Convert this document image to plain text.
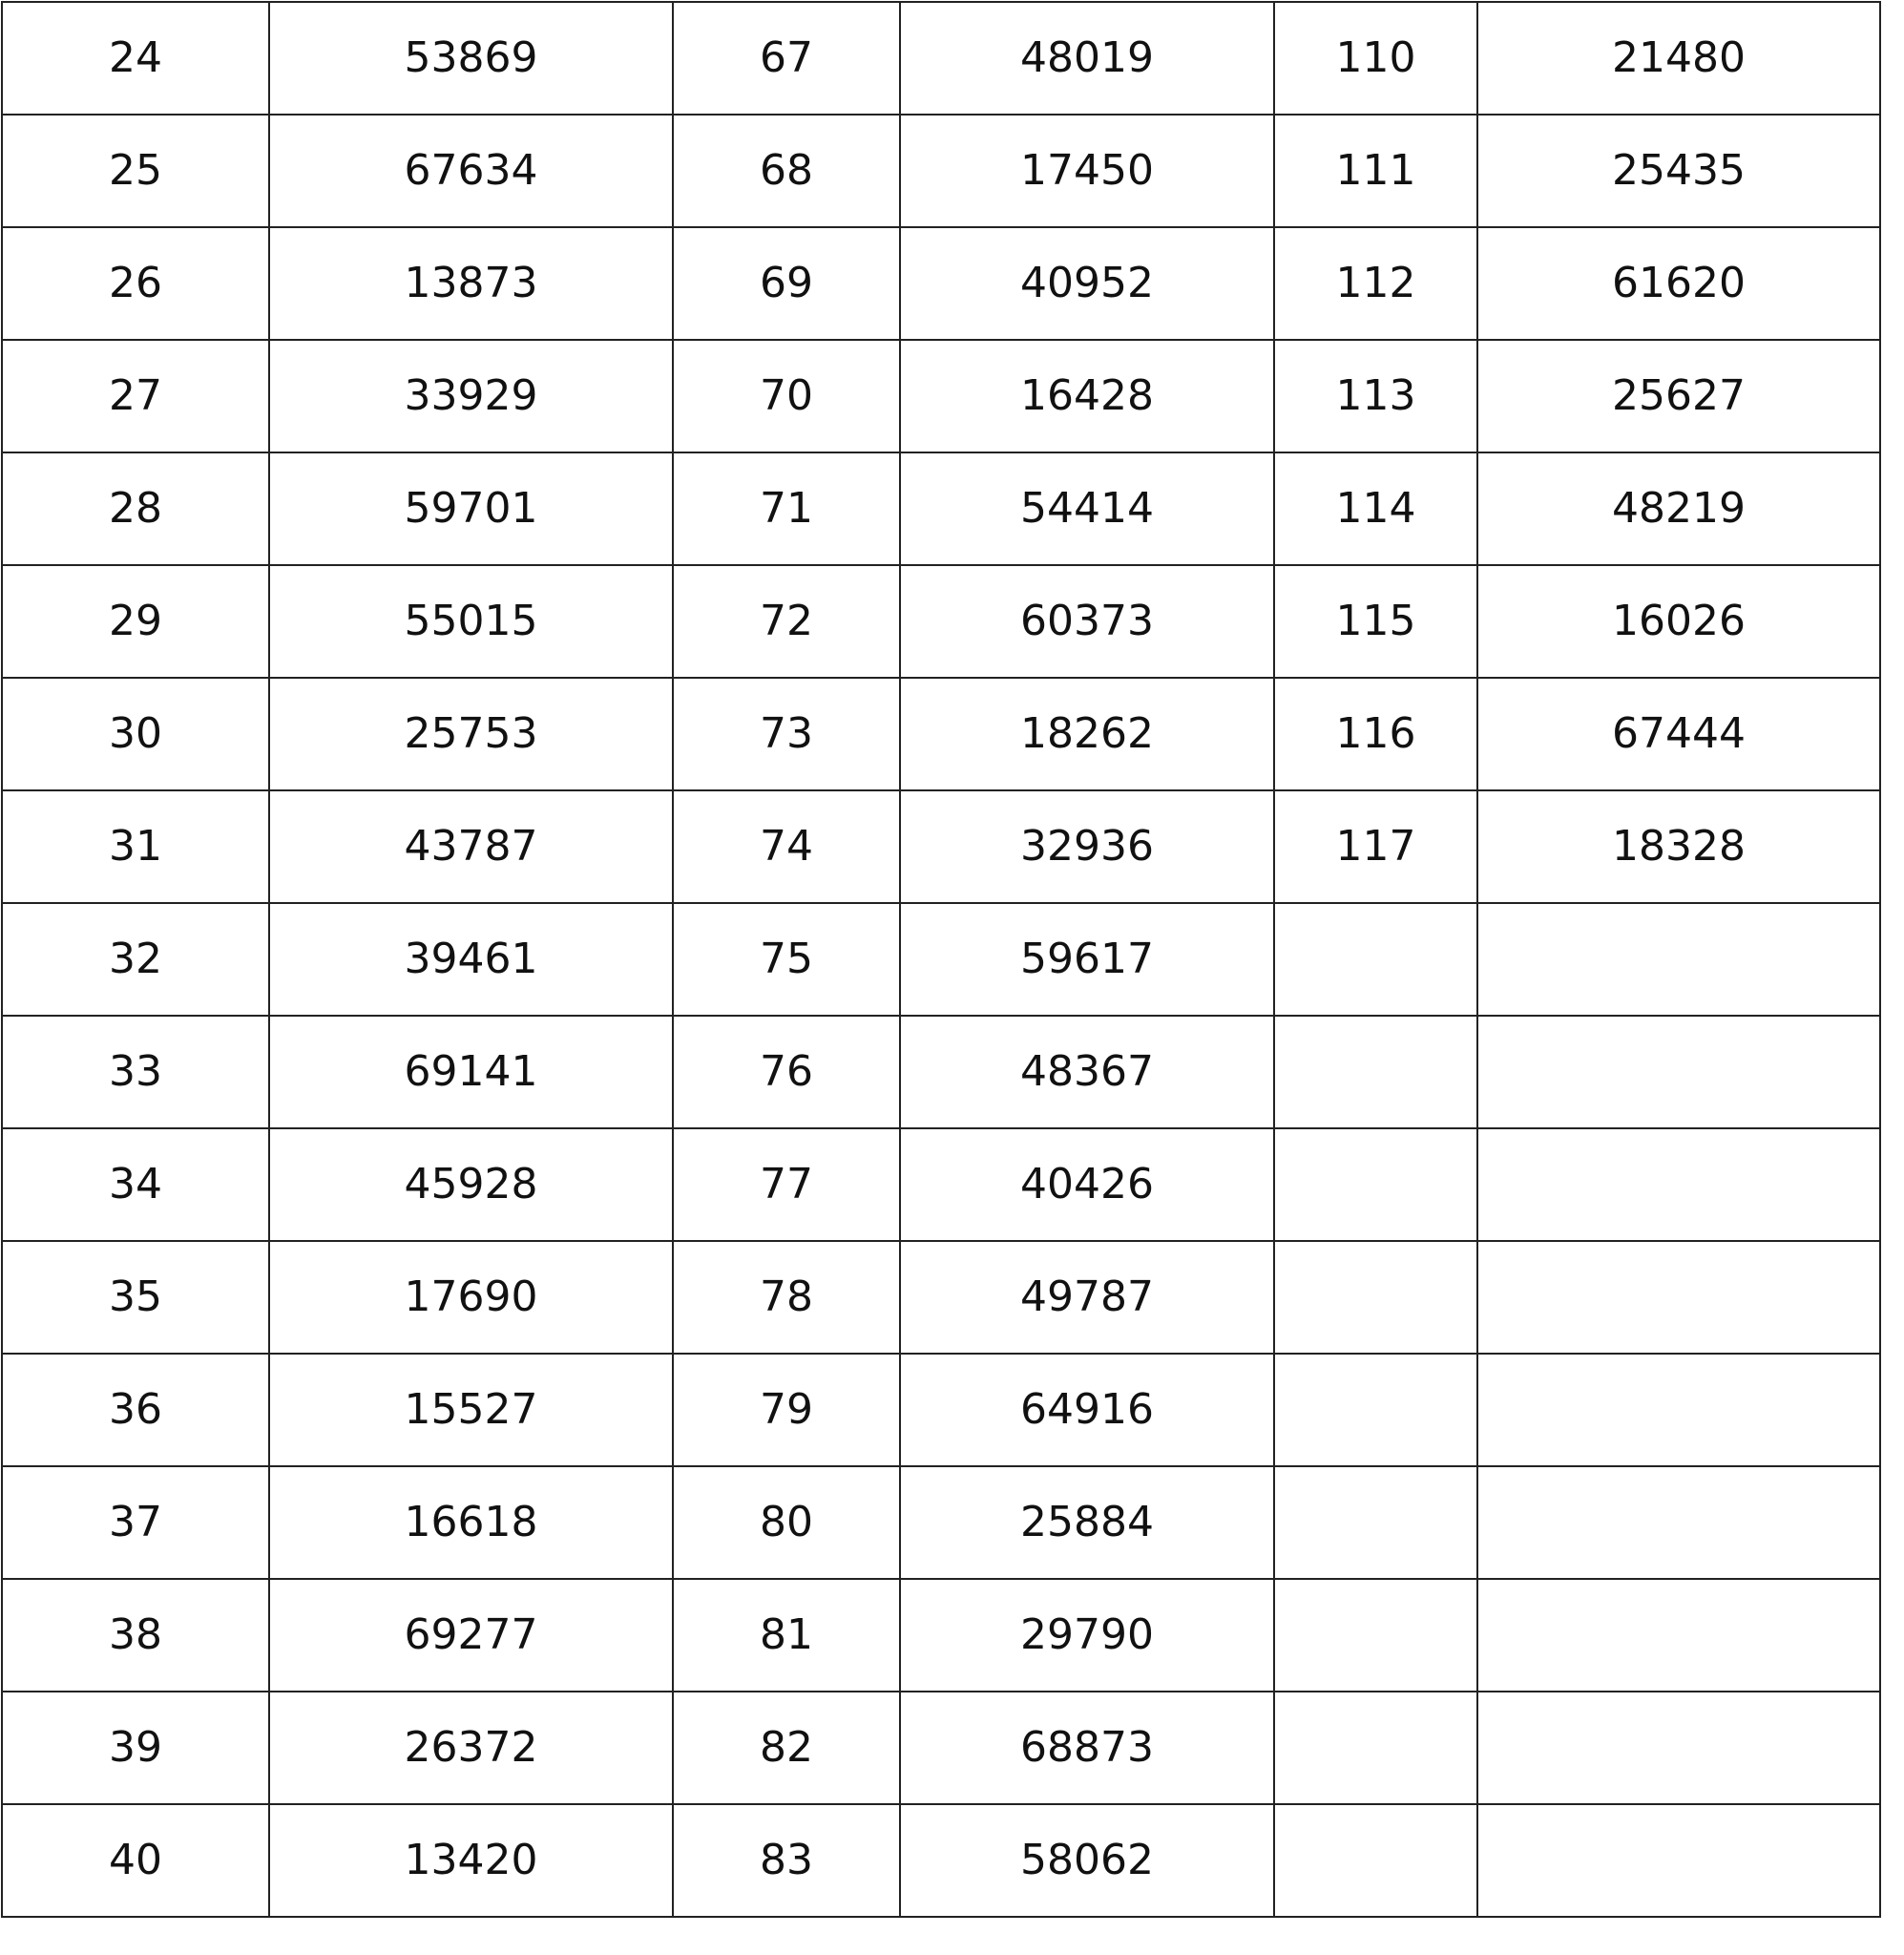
24	53869	67	48019	110	21480
25	67634	68	17450	111	25435
26	13873	69	40952	112	61620
27	33929	70	16428	113	25627
28	59701	71	54414	114	48219
29	55015	72	60373	115	16026
30	25753	73	18262	116	67444
31	43787	74	32936	117	18328
32	39461	75	59617		
33	69141	76	48367		
34	45928	77	40426		
35	17690	78	49787		
36	15527	79	64916		
37	16618	80	25884		
38	69277	81	29790		
39	26372	82	68873		
40	13420	83	58062		
